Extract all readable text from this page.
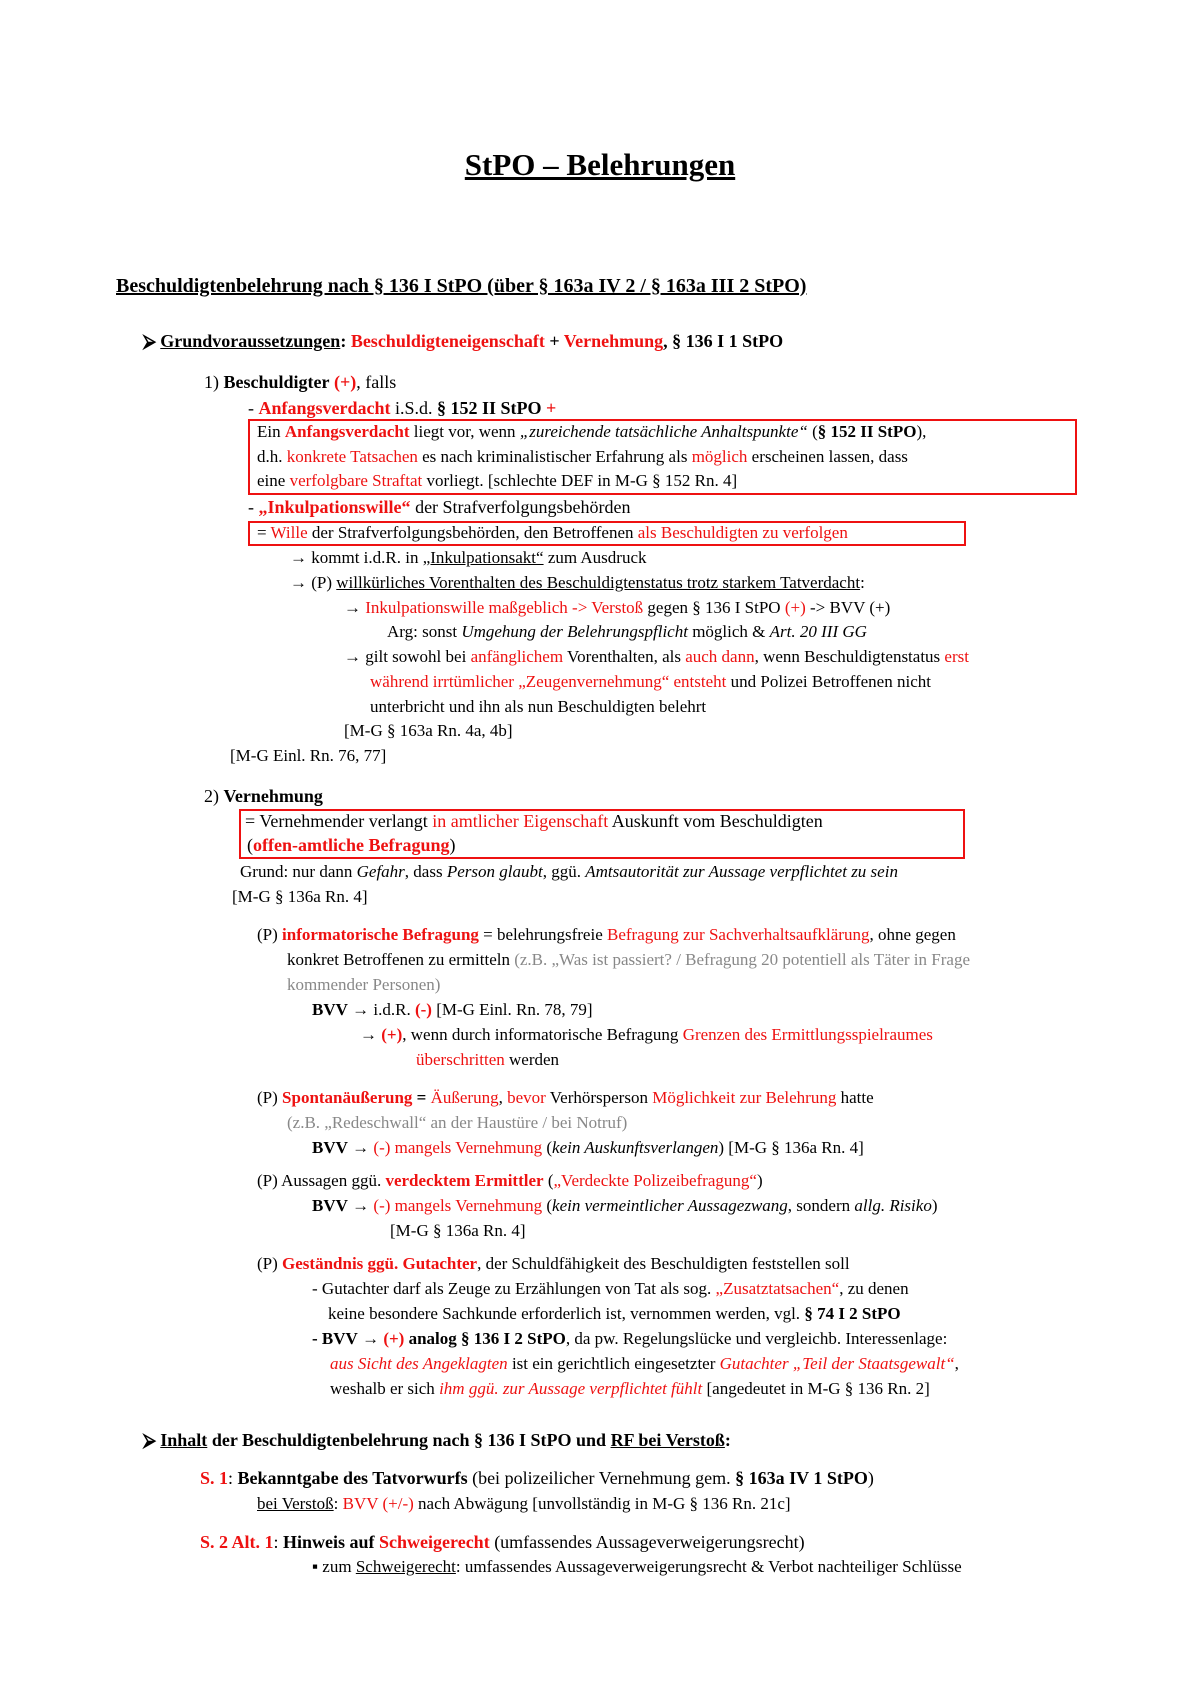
StPO – Belehrungen
Beschuldigtenbelehrung nach § 136 I StPO (über § 163a IV 2 / § 163a III 2 StPO)
⮚ Grundvoraussetzungen: Beschuldigteneigenschaft + Vernehmung, § 136 I 1 StPO
1) Beschuldigter (+), falls
- Anfangsverdacht i.S.d. § 152 II StPO +
Ein Anfangsverdacht liegt vor, wenn „zureichende tatsächliche Anhaltspunkte“ (§ 152 II StPO),
d.h. konkrete Tatsachen es nach kriminalistischer Erfahrung als möglich erscheinen lassen, dass
eine verfolgbare Straftat vorliegt. [schlechte DEF in M-G § 152 Rn. 4]
- „Inkulpationswille“ der Strafverfolgungsbehörden
= Wille der Strafverfolgungsbehörden, den Betroffenen als Beschuldigten zu verfolgen
→ kommt i.d.R. in „Inkulpationsakt“ zum Ausdruck
→ (P) willkürliches Vorenthalten des Beschuldigtenstatus trotz starkem Tatverdacht:
→ Inkulpationswille maßgeblich -> Verstoß gegen § 136 I StPO (+) -> BVV (+)
Arg: sonst Umgehung der Belehrungspflicht möglich & Art. 20 III GG
→ gilt sowohl bei anfänglichem Vorenthalten, als auch dann, wenn Beschuldigtenstatus erst
während irrtümlicher „Zeugenvernehmung“ entsteht und Polizei Betroffenen nicht
unterbricht und ihn als nun Beschuldigten belehrt
[M-G § 163a Rn. 4a, 4b]
[M-G Einl. Rn. 76, 77]
2) Vernehmung
= Vernehmender verlangt in amtlicher Eigenschaft Auskunft vom Beschuldigten
(offen-amtliche Befragung)
Grund: nur dann Gefahr, dass Person glaubt, ggü. Amtsautorität zur Aussage verpflichtet zu sein
[M-G § 136a Rn. 4]
(P) informatorische Befragung = belehrungsfreie Befragung zur Sachverhaltsaufklärung, ohne gegen
konkret Betroffenen zu ermitteln (z.B. „Was ist passiert? / Befragung 20 potentiell als Täter in Frage
kommender Personen)
BVV → i.d.R. (-) [M-G Einl. Rn. 78, 79]
→ (+), wenn durch informatorische Befragung Grenzen des Ermittlungsspielraumes
überschritten werden
(P) Spontanäußerung = Äußerung, bevor Verhörsperson Möglichkeit zur Belehrung hatte
(z.B. „Redeschwall“ an der Haustüre / bei Notruf)
BVV → (-) mangels Vernehmung (kein Auskunftsverlangen) [M-G § 136a Rn. 4]
(P) Aussagen ggü. verdecktem Ermittler („Verdeckte Polizeibefragung“)
BVV → (-) mangels Vernehmung (kein vermeintlicher Aussagezwang, sondern allg. Risiko)
[M-G § 136a Rn. 4]
(P) Geständnis ggü. Gutachter, der Schuldfähigkeit des Beschuldigten feststellen soll
- Gutachter darf als Zeuge zu Erzählungen von Tat als sog. „Zusatztatsachen“, zu denen
keine besondere Sachkunde erforderlich ist, vernommen werden, vgl. § 74 I 2 StPO
- BVV → (+) analog § 136 I 2 StPO, da pw. Regelungslücke und vergleichb. Interessenlage:
aus Sicht des Angeklagten ist ein gerichtlich eingesetzter Gutachter „Teil der Staatsgewalt“,
weshalb er sich ihm ggü. zur Aussage verpflichtet fühlt [angedeutet in M-G § 136 Rn. 2]
⮚ Inhalt der Beschuldigtenbelehrung nach § 136 I StPO und RF bei Verstoß:
S. 1: Bekanntgabe des Tatvorwurfs (bei polizeilicher Vernehmung gem. § 163a IV 1 StPO)
bei Verstoß: BVV (+/-) nach Abwägung [unvollständig in M-G § 136 Rn. 21c]
S. 2 Alt. 1: Hinweis auf Schweigerecht (umfassendes Aussageverweigerungsrecht)
▪ zum Schweigerecht: umfassendes Aussageverweigerungsrecht & Verbot nachteiliger Schlüsse
